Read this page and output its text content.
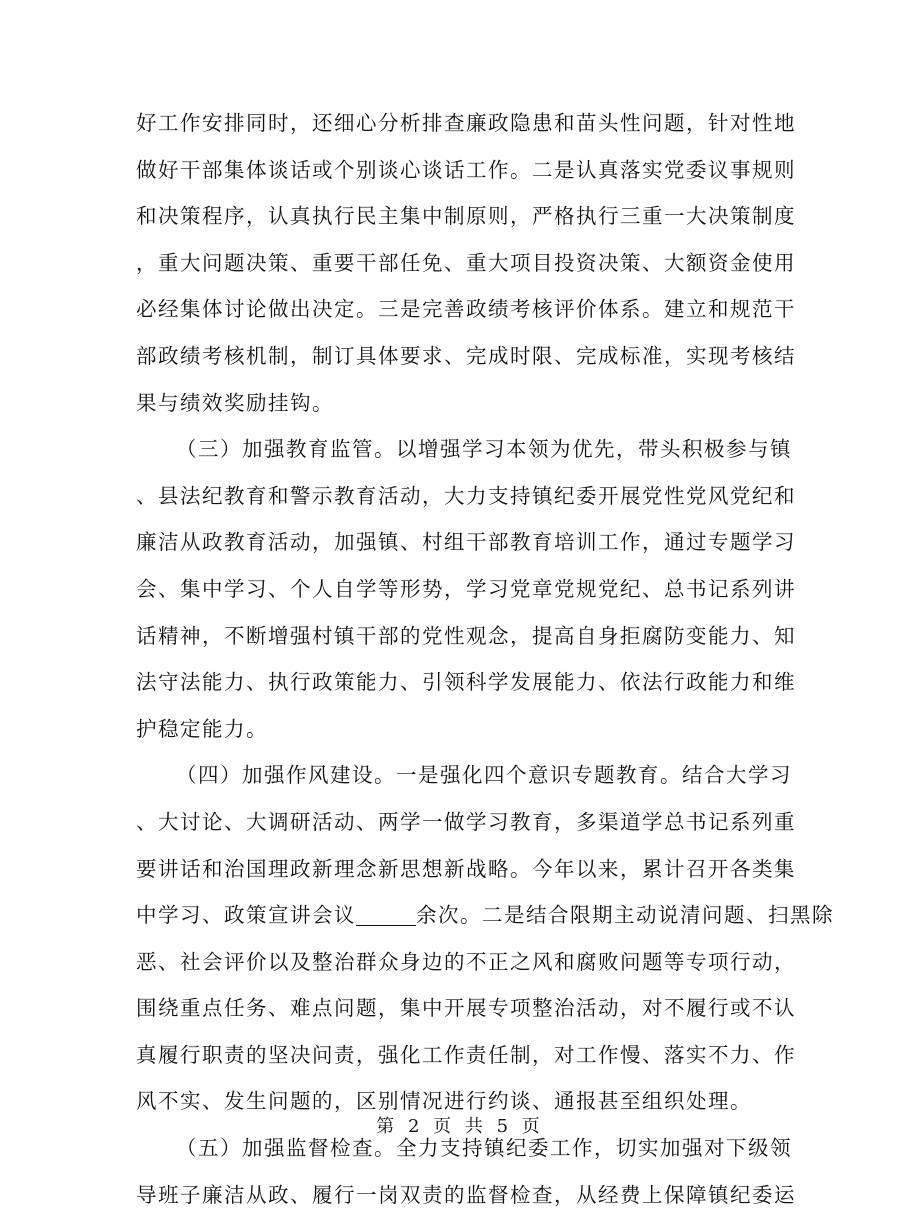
好工作安排同时，还细心分析排查廉政隐患和苗头性问题，针对性地
做好干部集体谈话或个别谈心谈话工作。二是认真落实党委议事规则
和决策程序，认真执行民主集中制原则，严格执行三重一大决策制度
，重大问题决策、重要干部任免、重大项目投资决策、大额资金使用
必经集体讨论做出决定。三是完善政绩考核评价体系。建立和规范干
部政绩考核机制，制订具体要求、完成时限、完成标准，实现考核结
果与绩效奖励挂钩。
（三）加强教育监管。以增强学习本领为优先，带头积极参与镇
、县法纪教育和警示教育活动，大力支持镇纪委开展党性党风党纪和
廉洁从政教育活动，加强镇、村组干部教育培训工作，通过专题学习
会、集中学习、个人自学等形势，学习党章党规党纪、总书记系列讲
话精神，不断增强村镇干部的党性观念，提高自身拒腐防变能力、知
法守法能力、执行政策能力、引领科学发展能力、依法行政能力和维
护稳定能力。
（四）加强作风建设。一是强化四个意识专题教育。结合大学习
、大讨论、大调研活动、两学一做学习教育，多渠道学总书记系列重
要讲话和治国理政新理念新思想新战略。今年以来，累计召开各类集
中学习、政策宣讲会议	余次。二是结合限期主动说清问题、扫黑除
恶、社会评价以及整治群众身边的不正之风和腐败问题等专项行动，
围绕重点任务、难点问题，集中开展专项整治活动，对不履行或不认
真履行职责的坚决问责，强化工作责任制，对工作慢、落实不力、作
风不实、发生问题的，区别情况进行约谈、通报甚至组织处理。
（五）加强监督检查。全力支持镇纪委工作，切实加强对下级领
导班子廉洁从政、履行一岗双责的监督检查，从经费上保障镇纪委运
第 2 页 共 5 页
